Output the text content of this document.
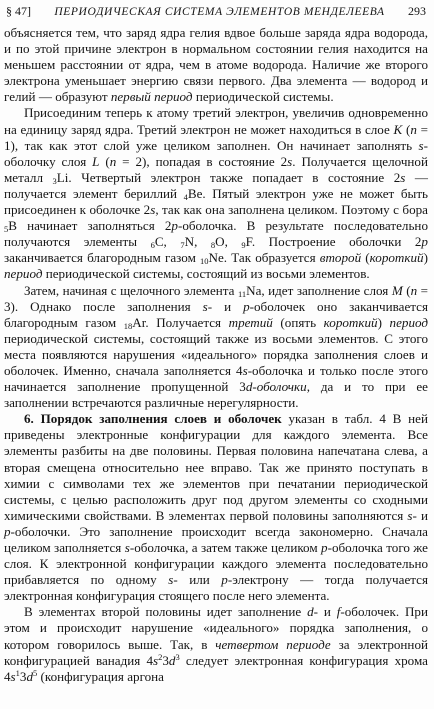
§ 47] ПЕРИОДИЧЕСКАЯ СИСТЕМА ЭЛЕМЕНТОВ МЕНДЕЛЕЕВА 293

объясняется тем, что заряд ядра гелия вдвое больше заряда ядра водорода, и по этой причине электрон в нормальном состоянии гелия находится на меньшем расстоянии от ядра, чем в атоме водорода. Наличие же второго электрона уменьшает энергию связи первого. Два элемента — водород и гелий — образуют первый период периодической системы.

Присоединим теперь к атому третий электрон, увеличив одновременно на единицу заряд ядра. Третий электрон не может находиться в слое K (n = 1), так как этот слой уже целиком заполнен. Он начинает заполнять s-оболочку слоя L (n = 2), попадая в состояние 2s. Получается щелочной металл $_3$Li. Четвертый электрон также попадает в состояние 2s — получается элемент бериллий $_4$Be. Пятый электрон уже не может быть присоединен к оболочке 2s, так как она заполнена целиком. Поэтому с бора $_5$B начинает заполняться 2p-оболочка. В результате последовательно получаются элементы $_6$C, $_7$N, $_8$O, $_9$F. Построение оболочки 2p заканчивается благородным газом $_{10}$Ne. Так образуется второй (короткий) период периодической системы, состоящий из восьми элементов.

Затем, начиная с щелочного элемента $_{11}$Na, идет заполнение слоя M (n = 3). Однако после заполнения s- и p-оболочек оно заканчивается благородным газом $_{18}$Ar. Получается третий (опять короткий) период периодической системы, состоящий также из восьми элементов. С этого места появляются нарушения «идеального» порядка заполнения слоев и оболочек. Именно, сначала заполняется 4s-оболочка и только после этого начинается заполнение пропущенной 3d-оболочки, да и то при ее заполнении встречаются различные нерегулярности.

6. Порядок заполнения слоев и оболочек указан в табл. 4 В ней приведены электронные конфигурации для каждого элемента. Все элементы разбиты на две половины. Первая половина напечатана слева, а вторая смещена относительно нее вправо. Так же принято поступать в химии с символами тех же элементов при печатании периодической системы, с целью расположить друг под другом элементы со сходными химическими свойствами. В элементах первой половины заполняются s- и p-оболочки. Это заполнение происходит всегда закономерно. Сначала целиком заполняется s-оболочка, а затем также целиком p-оболочка того же слоя. К электронной конфигурации каждого элемента последовательно прибавляется по одному s- или p-электрону — тогда получается электронная конфигурация стоящего после него элемента.

В элементах второй половины идет заполнение d- и f-оболочек. При этом и происходит нарушение «идеального» порядка заполнения, о котором говорилось выше. Так, в четвертом периоде за электронной конфигурацией ванадия $4s^23d^3$ следует электронная конфигурация хрома $4s^13d^5$ (конфигурация аргона
